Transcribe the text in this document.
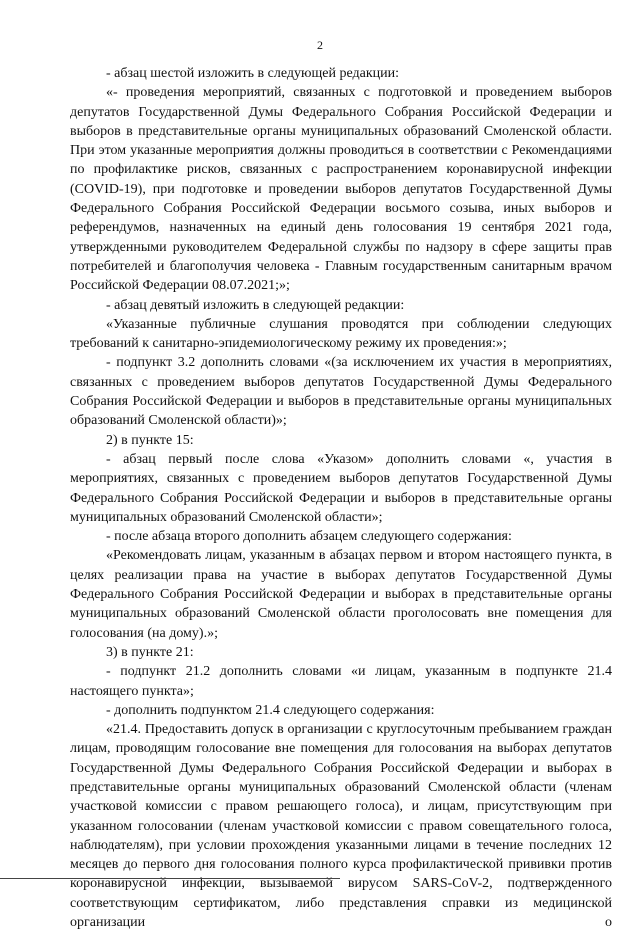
2

- абзац шестой изложить в следующей редакции:

«- проведения мероприятий, связанных с подготовкой и проведением выборов депутатов Государственной Думы Федерального Собрания Российской Федерации и выборов в представительные органы муниципальных образований Смоленской области. При этом указанные мероприятия должны проводиться в соответствии с Рекомендациями по профилактике рисков, связанных с распространением коронавирусной инфекции (COVID-19), при подготовке и проведении выборов депутатов Государственной Думы Федерального Собрания Российской Федерации восьмого созыва, иных выборов и референдумов, назначенных на единый день голосования 19 сентября 2021 года, утвержденными руководителем Федеральной службы по надзору в сфере защиты прав потребителей и благополучия человека - Главным государственным санитарным врачом Российской Федерации 08.07.2021;»;

- абзац девятый изложить в следующей редакции:

«Указанные публичные слушания проводятся при соблюдении следующих требований к санитарно-эпидемиологическому режиму их проведения:»;

- подпункт 3.2 дополнить словами «(за исключением их участия в мероприятиях, связанных с проведением выборов депутатов Государственной Думы Федерального Собрания Российской Федерации и выборов в представительные органы муниципальных образований Смоленской области)»;

2) в пункте 15:

- абзац первый после слова «Указом» дополнить словами «, участия в мероприятиях, связанных с проведением выборов депутатов Государственной Думы Федерального Собрания Российской Федерации и выборов в представительные органы муниципальных образований Смоленской области»;

- после абзаца второго дополнить абзацем следующего содержания:

«Рекомендовать лицам, указанным в абзацах первом и втором настоящего пункта, в целях реализации права на участие в выборах депутатов Государственной Думы Федерального Собрания Российской Федерации и выборах в представительные органы муниципальных образований Смоленской области проголосовать вне помещения для голосования (на дому).»;

3) в пункте 21:

- подпункт 21.2 дополнить словами «и лицам, указанным в подпункте 21.4 настоящего пункта»;

- дополнить подпунктом 21.4 следующего содержания:

«21.4. Предоставить допуск в организации с круглосуточным пребыванием граждан лицам, проводящим голосование вне помещения для голосования на выборах депутатов Государственной Думы Федерального Собрания Российской Федерации и выборах в представительные органы муниципальных образований Смоленской области (членам участковой комиссии с правом решающего голоса), и лицам, присутствующим при указанном голосовании (членам участковой комиссии с правом совещательного голоса, наблюдателям), при условии прохождения указанными лицами в течение последних 12 месяцев до первого дня голосования полного курса профилактической прививки против коронавирусной инфекции, вызываемой вирусом SARS-CoV-2, подтвержденного соответствующим сертификатом, либо представления справки из медицинской организации о
